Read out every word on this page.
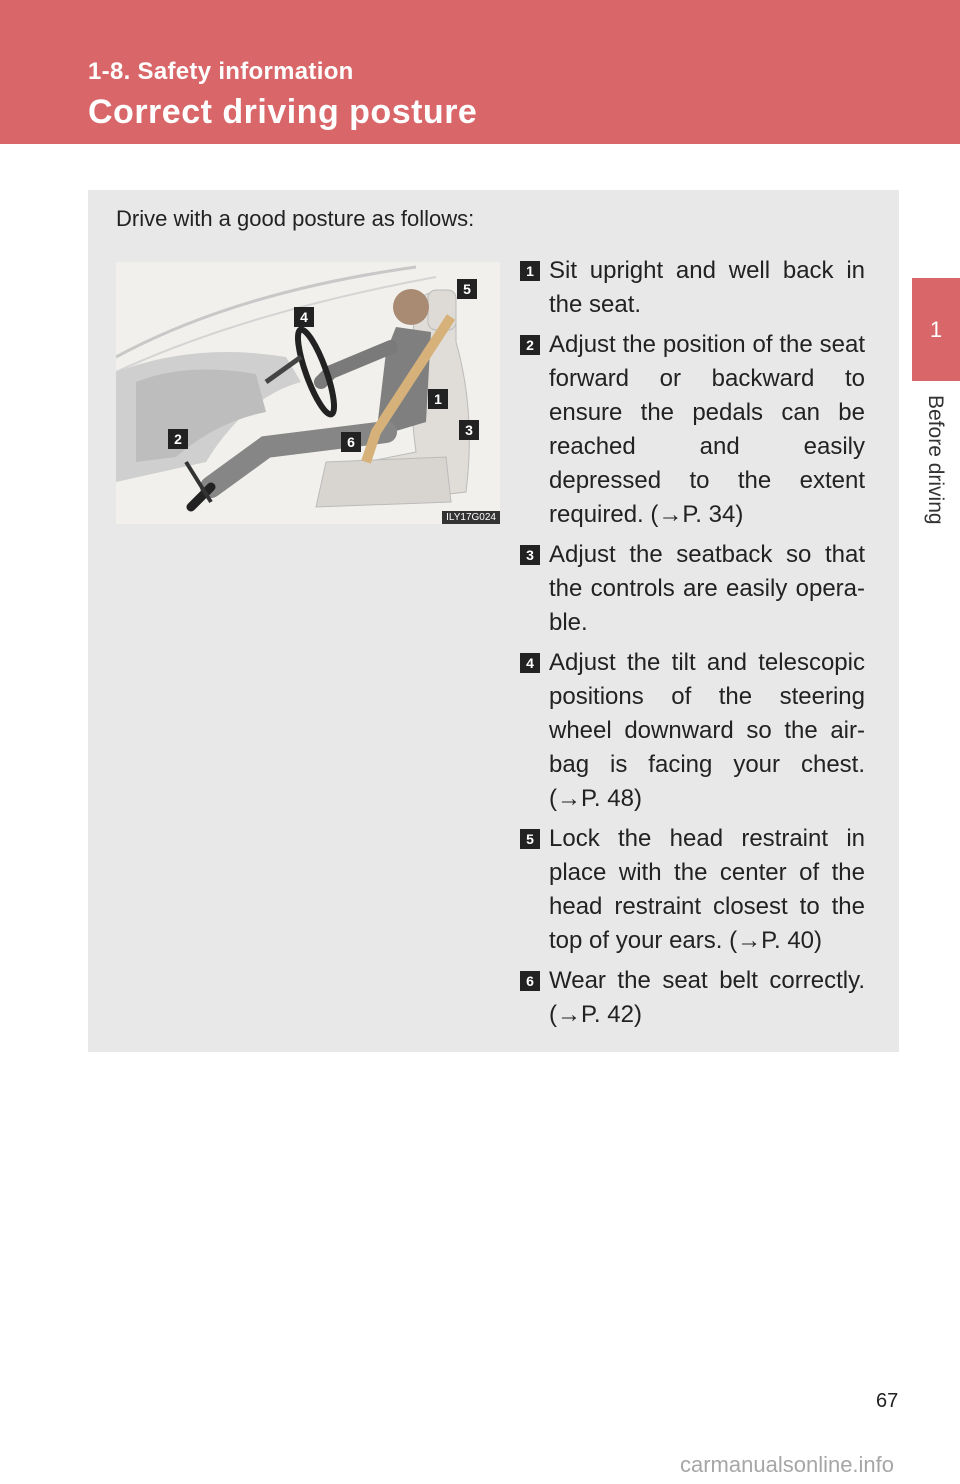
1-8. Safety information
Correct driving posture
1
Before driving
Drive with a good posture as follows:
5
4
1
3
2	6
ILY17G024
1 Sit upright and well back in the seat.
2 Adjust the position of the seat forward or backward to ensure the pedals can be reached and easily depressed to the extent required. (→P. 34)
3 Adjust the seatback so that the controls are easily opera-ble.
4 Adjust the tilt and telescopic positions of the steering wheel downward so the air-bag is facing your chest. (→P. 48)
5 Lock the head restraint in place with the center of the head restraint closest to the top of your ears. (→P. 40)
6 Wear the seat belt correctly. (→P. 42)
67
carmanualsonline.info
